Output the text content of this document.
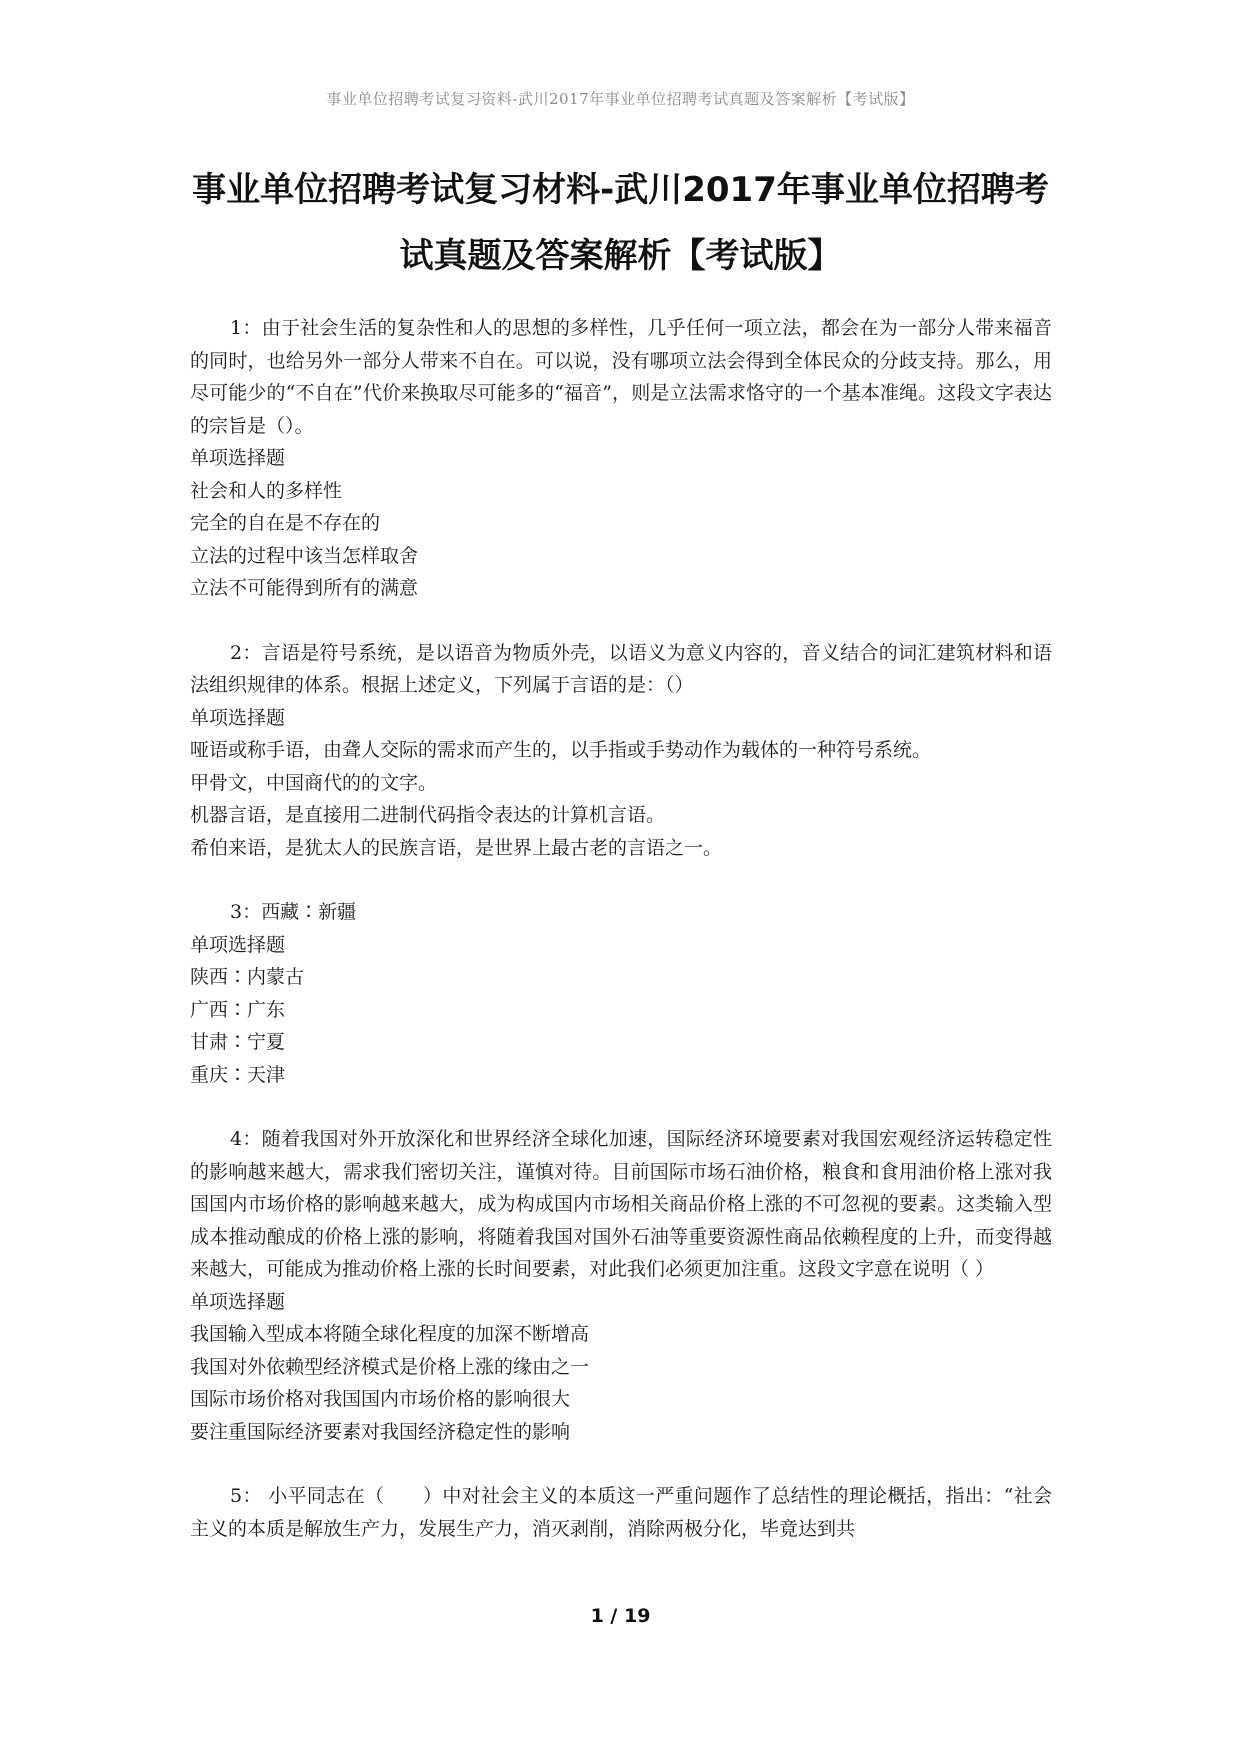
事业单位招聘考试复习资料-武川2017年事业单位招聘考试真题及答案解析【考试版】
事业单位招聘考试复习材料-武川2017年事业单位招聘考
试真题及答案解析【考试版】
1：由于社会生活的复杂性和人的思想的多样性，几乎任何一项立法，都会在为一部分人带来福音的同时，也给另外一部分人带来不自在。可以说，没有哪项立法会得到全体民众的分歧支持。那么，用尽可能少的“不自在”代价来换取尽可能多的“福音”，则是立法需求恪守的一个基本准绳。这段文字表达的宗旨是（）。
单项选择题
社会和人的多样性
完全的自在是不存在的
立法的过程中该当怎样取舍
立法不可能得到所有的满意
2：言语是符号系统，是以语音为物质外壳，以语义为意义内容的，音义结合的词汇建筑材料和语法组织规律的体系。根据上述定义，下列属于言语的是：（）
单项选择题
哑语或称手语，由聋人交际的需求而产生的，以手指或手势动作为载体的一种符号系统。
甲骨文，中国商代的的文字。
机器言语，是直接用二进制代码指令表达的计算机言语。
希伯来语，是犹太人的民族言语，是世界上最古老的言语之一。
3：西藏∶新疆
单项选择题
陕西∶内蒙古
广西∶广东
甘肃∶宁夏
重庆∶天津
4：随着我国对外开放深化和世界经济全球化加速，国际经济环境要素对我国宏观经济运转稳定性的影响越来越大，需求我们密切关注，谨慎对待。目前国际市场石油价格，粮食和食用油价格上涨对我国国内市场价格的影响越来越大，成为构成国内市场相关商品价格上涨的不可忽视的要素。这类输入型成本推动酿成的价格上涨的影响，将随着我国对国外石油等重要资源性商品依赖程度的上升，而变得越来越大，可能成为推动价格上涨的长时间要素，对此我们必须更加注重。这段文字意在说明（ ）
单项选择题
我国输入型成本将随全球化程度的加深不断增高
我国对外依赖型经济模式是价格上涨的缘由之一
国际市场价格对我国国内市场价格的影响很大
要注重国际经济要素对我国经济稳定性的影响
5： 小平同志在（　　）中对社会主义的本质这一严重问题作了总结性的理论概括，指出：“社会主义的本质是解放生产力，发展生产力，消灭剥削，消除两极分化，毕竟达到共
1 / 19
